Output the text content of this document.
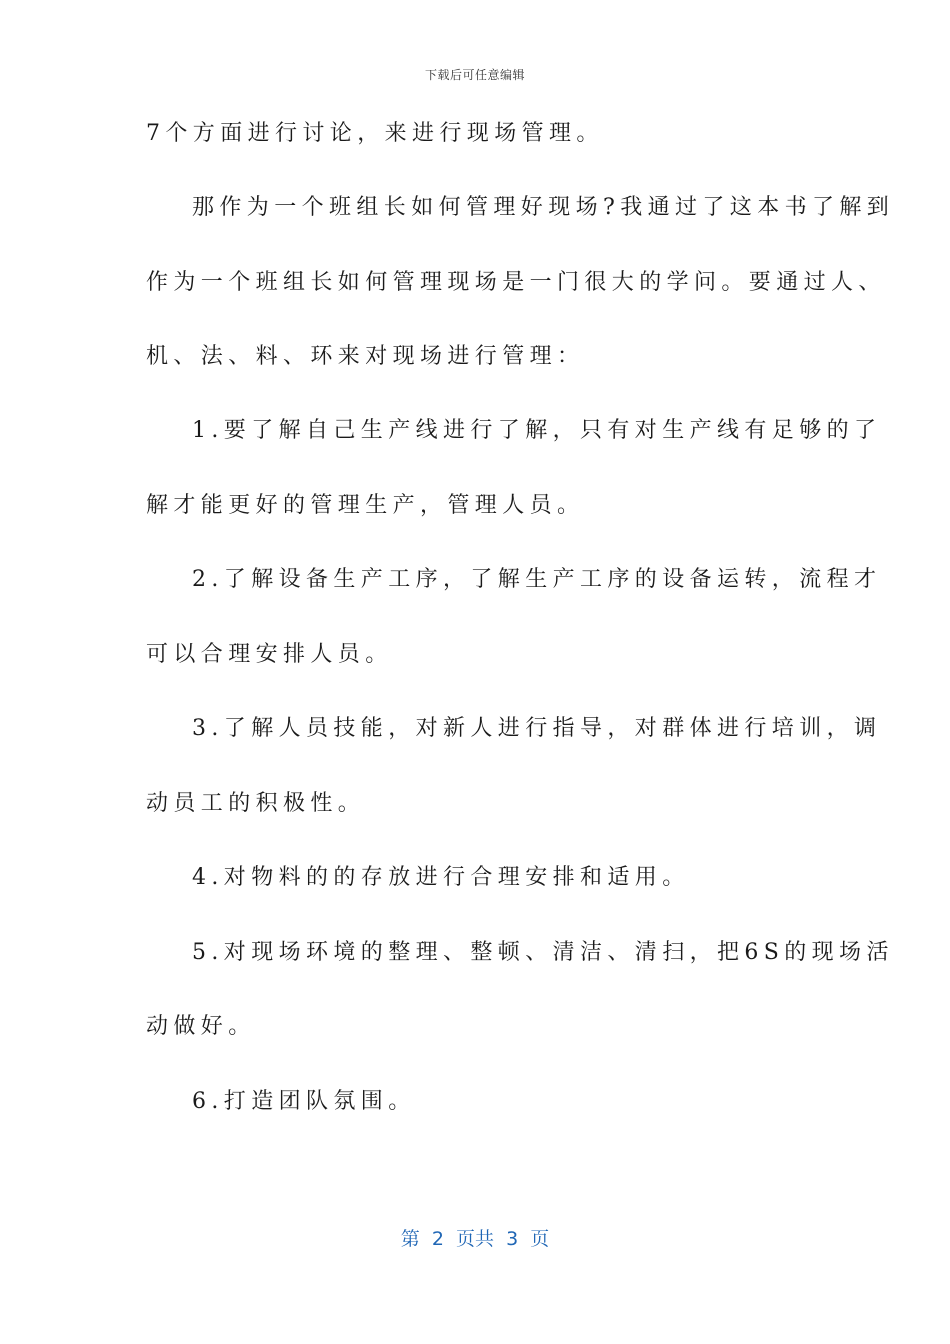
下载后可任意编辑
7个方面进行讨论，来进行现场管理。
那作为一个班组长如何管理好现场?我通过了这本书了解到
作为一个班组长如何管理现场是一门很大的学问。要通过人、
机、法、料、环来对现场进行管理：
1.要了解自己生产线进行了解，只有对生产线有足够的了
解才能更好的管理生产，管理人员。
2.了解设备生产工序，了解生产工序的设备运转，流程才
可以合理安排人员。
3.了解人员技能，对新人进行指导，对群体进行培训，调
动员工的积极性。
4.对物料的的存放进行合理安排和适用。
5.对现场环境的整理、整顿、清洁、清扫，把6S的现场活
动做好。
6.打造团队氛围。
第  2  页共  3  页
